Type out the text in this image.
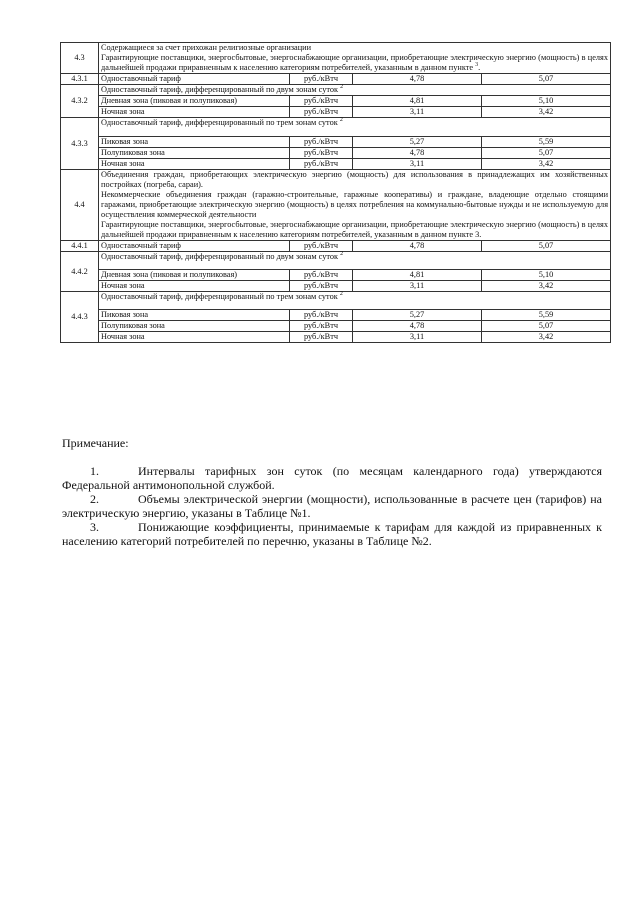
4.3	Содержащиеся за счет прихожан религиозные организации
Гарантирующие поставщики, энергосбытовые, энергоснабжающие организации, приобретающие электрическую энергию (мощность) в целях дальнейшей продажи приравненным к населению категориям потребителей, указанным в данном пункте $^3$.			

4.3.1	Одноставочный тариф	руб./кВтч	4,78	5,07
4.3.2	Одноставочный тариф, дифференцированный по двум зонам суток $^2$
	Дневная зона (пиковая и полупиковая)	руб./кВтч	4,81	5,10
	Ночная зона	руб./кВтч	3,11	3,42
4.3.3	Одноставочный тариф, дифференцированный по трем зонам суток $^2$
	Пиковая зона	руб./кВтч	5,27	5,59
	Полупиковая зона	руб./кВтч	4,78	5,07
	Ночная зона	руб./кВтч	3,11	3,42
4.4	Объединения граждан, приобретающих электрическую энергию (мощность) для использования в принадлежащих им хозяйственных постройках (погреба, сараи).
Некоммерческие объединения граждан (гаражно-строительные, гаражные кооперативы) и граждане, владеющие отдельно стоящими гаражами, приобретающие электрическую энергию (мощность) в целях потребления на коммунально-бытовые нужды и не используемую для осуществления коммерческой деятельности
Гарантирующие поставщики, энергосбытовые, энергоснабжающие организации, приобретающие электрическую энергию (мощность) в целях дальнейшей продажи приравненным к населению категориям потребителей, указанным в данном пункте 3.			

4.4.1	Одноставочный тариф	руб./кВтч	4,78	5,07
4.4.2	Одноставочный тариф, дифференцированный по двум зонам суток $^2$
	Дневная зона (пиковая и полупиковая)	руб./кВтч	4,81	5,10
	Ночная зона	руб./кВтч	3,11	3,42
4.4.3	Одноставочный тариф, дифференцированный по трем зонам суток $^2$
	Пиковая зона	руб./кВтч	5,27	5,59
	Полупиковая зона	руб./кВтч	4,78	5,07
	Ночная зона	руб./кВтч	3,11	3,42

Примечание:

1.	Интервалы тарифных зон суток (по месяцам календарного года) утверждаются Федеральной антимонопольной службой.

2.	Объемы электрической энергии (мощности), использованные в расчете цен (тарифов) на электрическую энергию, указаны в Таблице №1.

3.	Понижающие коэффициенты, принимаемые к тарифам для каждой из приравненных к населению категорий потребителей по перечню, указаны в Таблице №2.
